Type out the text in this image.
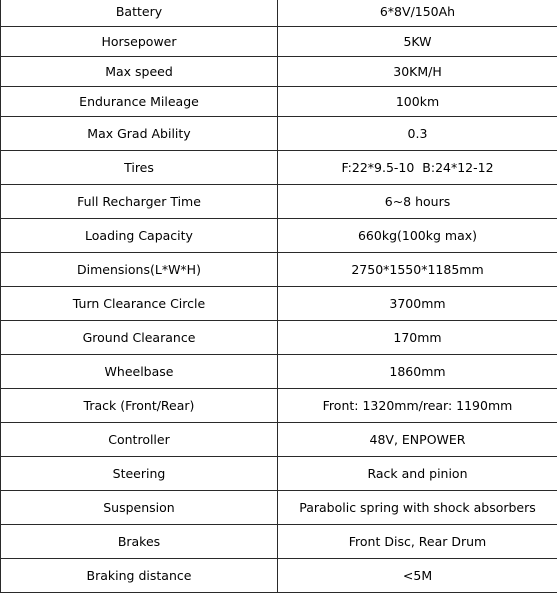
Battery	6*8V/150Ah
Horsepower	5KW
Max speed	30KM/H
Endurance Mileage	100km
Max Grad Ability	0.3
Tires	F:22*9.5-10  B:24*12-12
Full Recharger Time	6~8 hours
Loading Capacity	660kg(100kg max)
Dimensions(L*W*H)	2750*1550*1185mm
Turn Clearance Circle	3700mm
Ground Clearance	170mm
Wheelbase	1860mm
Track (Front/Rear)	Front: 1320mm/rear: 1190mm
Controller	48V, ENPOWER
Steering	Rack and pinion
Suspension	Parabolic spring with shock absorbers
Brakes	Front Disc, Rear Drum
Braking distance	<5M
